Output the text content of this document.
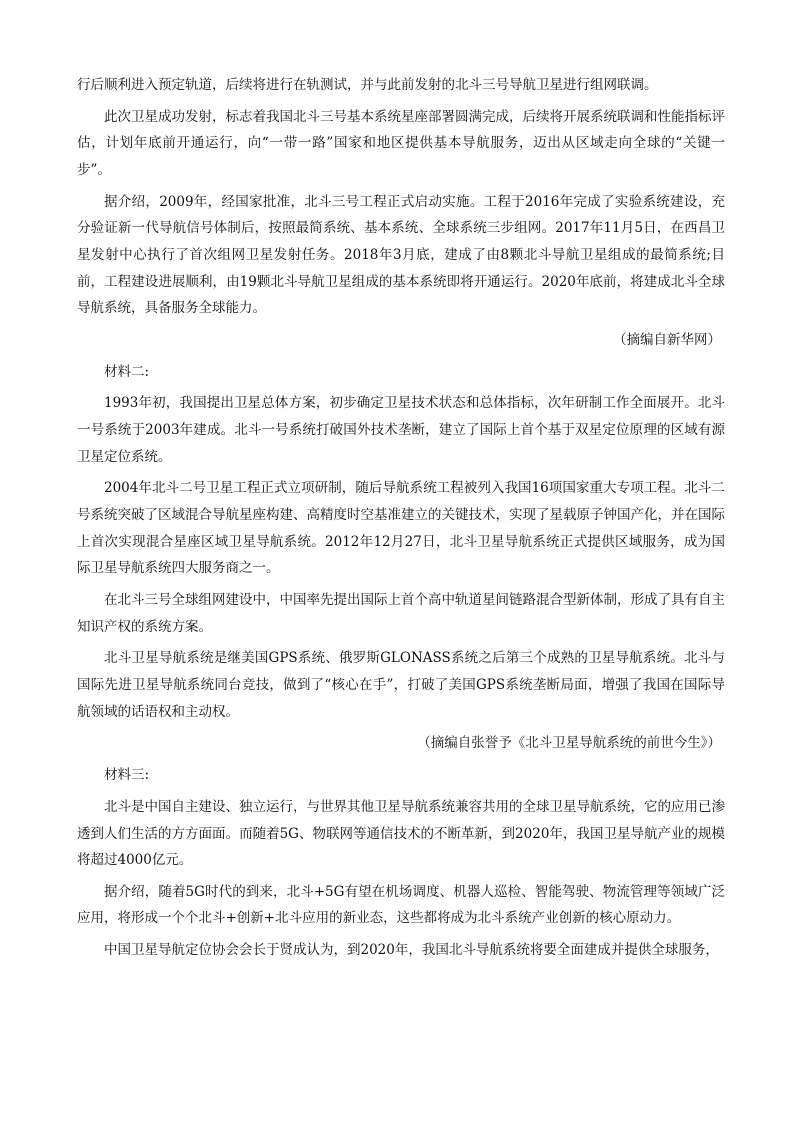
行后顺利进入预定轨道，后续将进行在轨测试，并与此前发射的北斗三号导航卫星进行组网联调。

此次卫星成功发射，标志着我国北斗三号基本系统星座部署圆满完成，后续将开展系统联调和性能指标评估，计划年底前开通运行，向“一带一路”国家和地区提供基本导航服务，迈出从区域走向全球的“关键一步”。

据介绍，2009年，经国家批准，北斗三号工程正式启动实施。工程于2016年完成了实验系统建设，充分验证新一代导航信号体制后，按照最简系统、基本系统、全球系统三步组网。2017年11月5日，在西昌卫星发射中心执行了首次组网卫星发射任务。2018年3月底，建成了由8颗北斗导航卫星组成的最简系统;目前，工程建设进展顺利，由19颗北斗导航卫星组成的基本系统即将开通运行。2020年底前，将建成北斗全球导航系统，具备服务全球能力。

（摘编自新华网）

材料二:

1993年初，我国提出卫星总体方案，初步确定卫星技术状态和总体指标，次年研制工作全面展开。北斗一号系统于2003年建成。北斗一号系统打破国外技术垄断，建立了国际上首个基于双星定位原理的区域有源卫星定位系统。

2004年北斗二号卫星工程正式立项研制，随后导航系统工程被列入我国16项国家重大专项工程。北斗二号系统突破了区域混合导航星座构建、高精度时空基准建立的关键技术，实现了星载原子钟国产化，并在国际上首次实现混合星座区域卫星导航系统。2012年12月27日，北斗卫星导航系统正式提供区域服务，成为国际卫星导航系统四大服务商之一。

在北斗三号全球组网建设中，中国率先提出国际上首个高中轨道星间链路混合型新体制，形成了具有自主知识产权的系统方案。

北斗卫星导航系统是继美国GPS系统、俄罗斯GLONASS系统之后第三个成熟的卫星导航系统。北斗与国际先进卫星导航系统同台竞技，做到了“核心在手”，打破了美国GPS系统垄断局面，增强了我国在国际导航领域的话语权和主动权。

（摘编自张誉予《北斗卫星导航系统的前世今生》）

材料三:

北斗是中国自主建设、独立运行，与世界其他卫星导航系统兼容共用的全球卫星导航系统，它的应用已渗透到人们生活的方方面面。而随着5G、物联网等通信技术的不断革新，到2020年，我国卫星导航产业的规模将超过4000亿元。

据介绍，随着5G时代的到来，北斗+5G有望在机场调度、机器人巡检、智能驾驶、物流管理等领域广泛应用，将形成一个个北斗+创新+北斗应用的新业态，这些都将成为北斗系统产业创新的核心原动力。

中国卫星导航定位协会会长于贤成认为，到2020年，我国北斗导航系统将要全面建成并提供全球服务，
